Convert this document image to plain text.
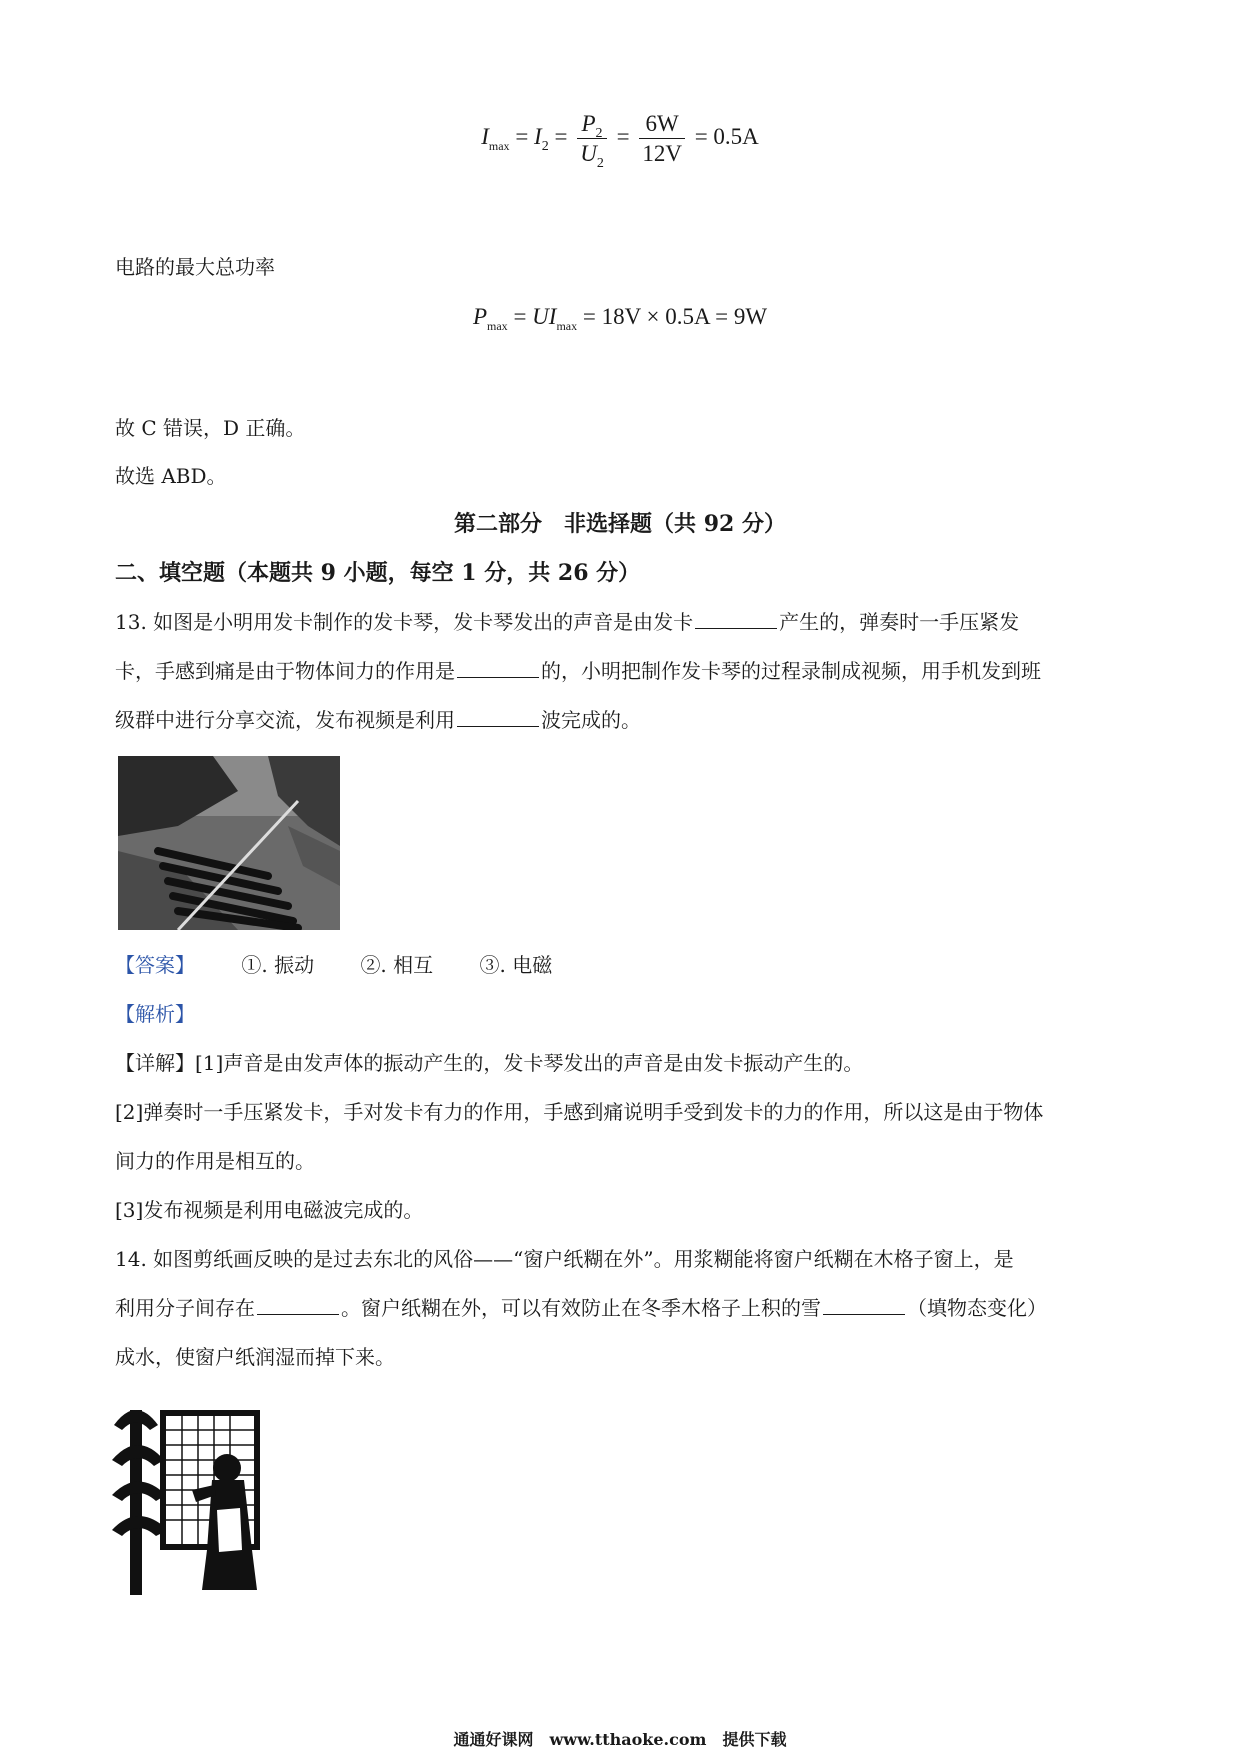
$I_{max} = I_2 = \frac{P_2}{U_2} = \frac{6W}{12V} = 0.5A$
电路的最大总功率
$P_{max} = UI_{max} = 18V \times 0.5A = 9W$
故 C 错误，D 正确。
故选 ABD。
第二部分　非选择题（共 92 分）
二、填空题（本题共 9 小题，每空 1 分，共 26 分）
13. 如图是小明用发卡制作的发卡琴，发卡琴发出的声音是由发卡	产生的，弹奏时一手压紧发
卡，手感到痛是由于物体间力的作用是	的，小明把制作发卡琴的过程录制成视频，用手机发到班
级群中进行分享交流，发布视频是利用	波完成的。
【答案】 ①. 振动 ②. 相互 ③. 电磁
【解析】
【详解】[1]声音是由发声体的振动产生的，发卡琴发出的声音是由发卡振动产生的。
[2]弹奏时一手压紧发卡，手对发卡有力的作用，手感到痛说明手受到发卡的力的作用，所以这是由于物体
间力的作用是相互的。
[3]发布视频是利用电磁波完成的。
14. 如图剪纸画反映的是过去东北的风俗——“窗户纸糊在外”。用浆糊能将窗户纸糊在木格子窗上，是
利用分子间存在	。窗户纸糊在外，可以有效防止在冬季木格子上积的雪	（填物态变化）
成水，使窗户纸润湿而掉下来。
通通好课网　www.tthaoke.com　提供下载
